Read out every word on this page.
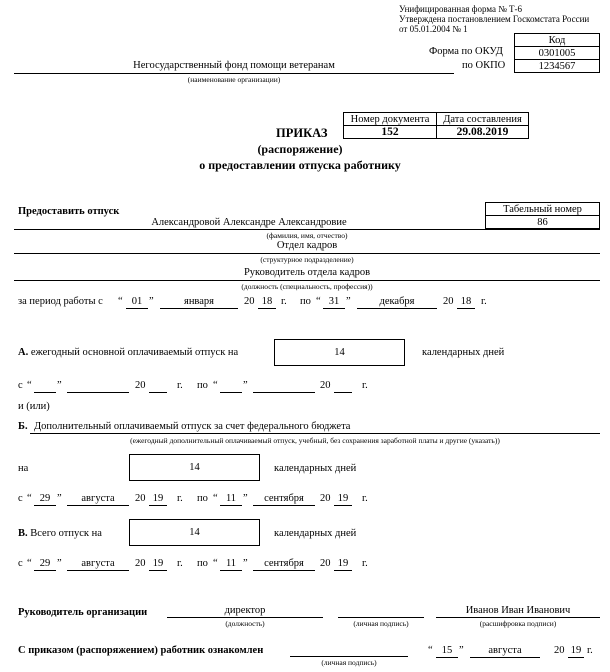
Унифицированная форма № Т-6
Утверждена постановлением Госкомстата России
от 05.01.2004 № 1
Код
0301005
1234567
Форма по ОКУД
по ОКПО
Негосударственный фонд помощи ветеранам
(наименование организации)
Номер документа	Дата составления
152	29.08.2019
ПРИКАЗ
(распоряжение)
о предоставлении отпуска работнику
Предоставить отпуск	Табельный номер
86
Александровой Александре Александровие
(фамилия, имя, отчество)
Отдел кадров
(структурное подразделение)
Руководитель отдела кадров
(должность (специальность, профессия))
за период работы с “ 01 ”	января	20 18 г. по “ 31 ”	декабря	20 18 г.
А. ежегодный основной оплачиваемый отпуск на	14	календарных дней
с “ ”	20	г. по “ ”	20	г.
и (или)
Б. Дополнительный оплачиваемый отпуск за счет федерального бюджета
(ежегодный дополнительный оплачиваемый отпуск, учебный, без сохранения заработной платы и другие (указать))
на	14	календарных дней
с “ 29 ”	августа	20 19	г. по “ 11 ”	сентября	20 19	г.
В. Всего отпуск на	14	календарных дней
с “ 29 ”	августа	20 19	г. по “ 11 ”	сентября	20 19	г.
Руководитель организации	директор
(должность)	(личная подпись)
Иванов Иван Иванович
(расшифровка подписи)
С приказом (распоряжением) работник ознакомлен
(личная подпись)
“ 15 ”	августа	20 19 г.
